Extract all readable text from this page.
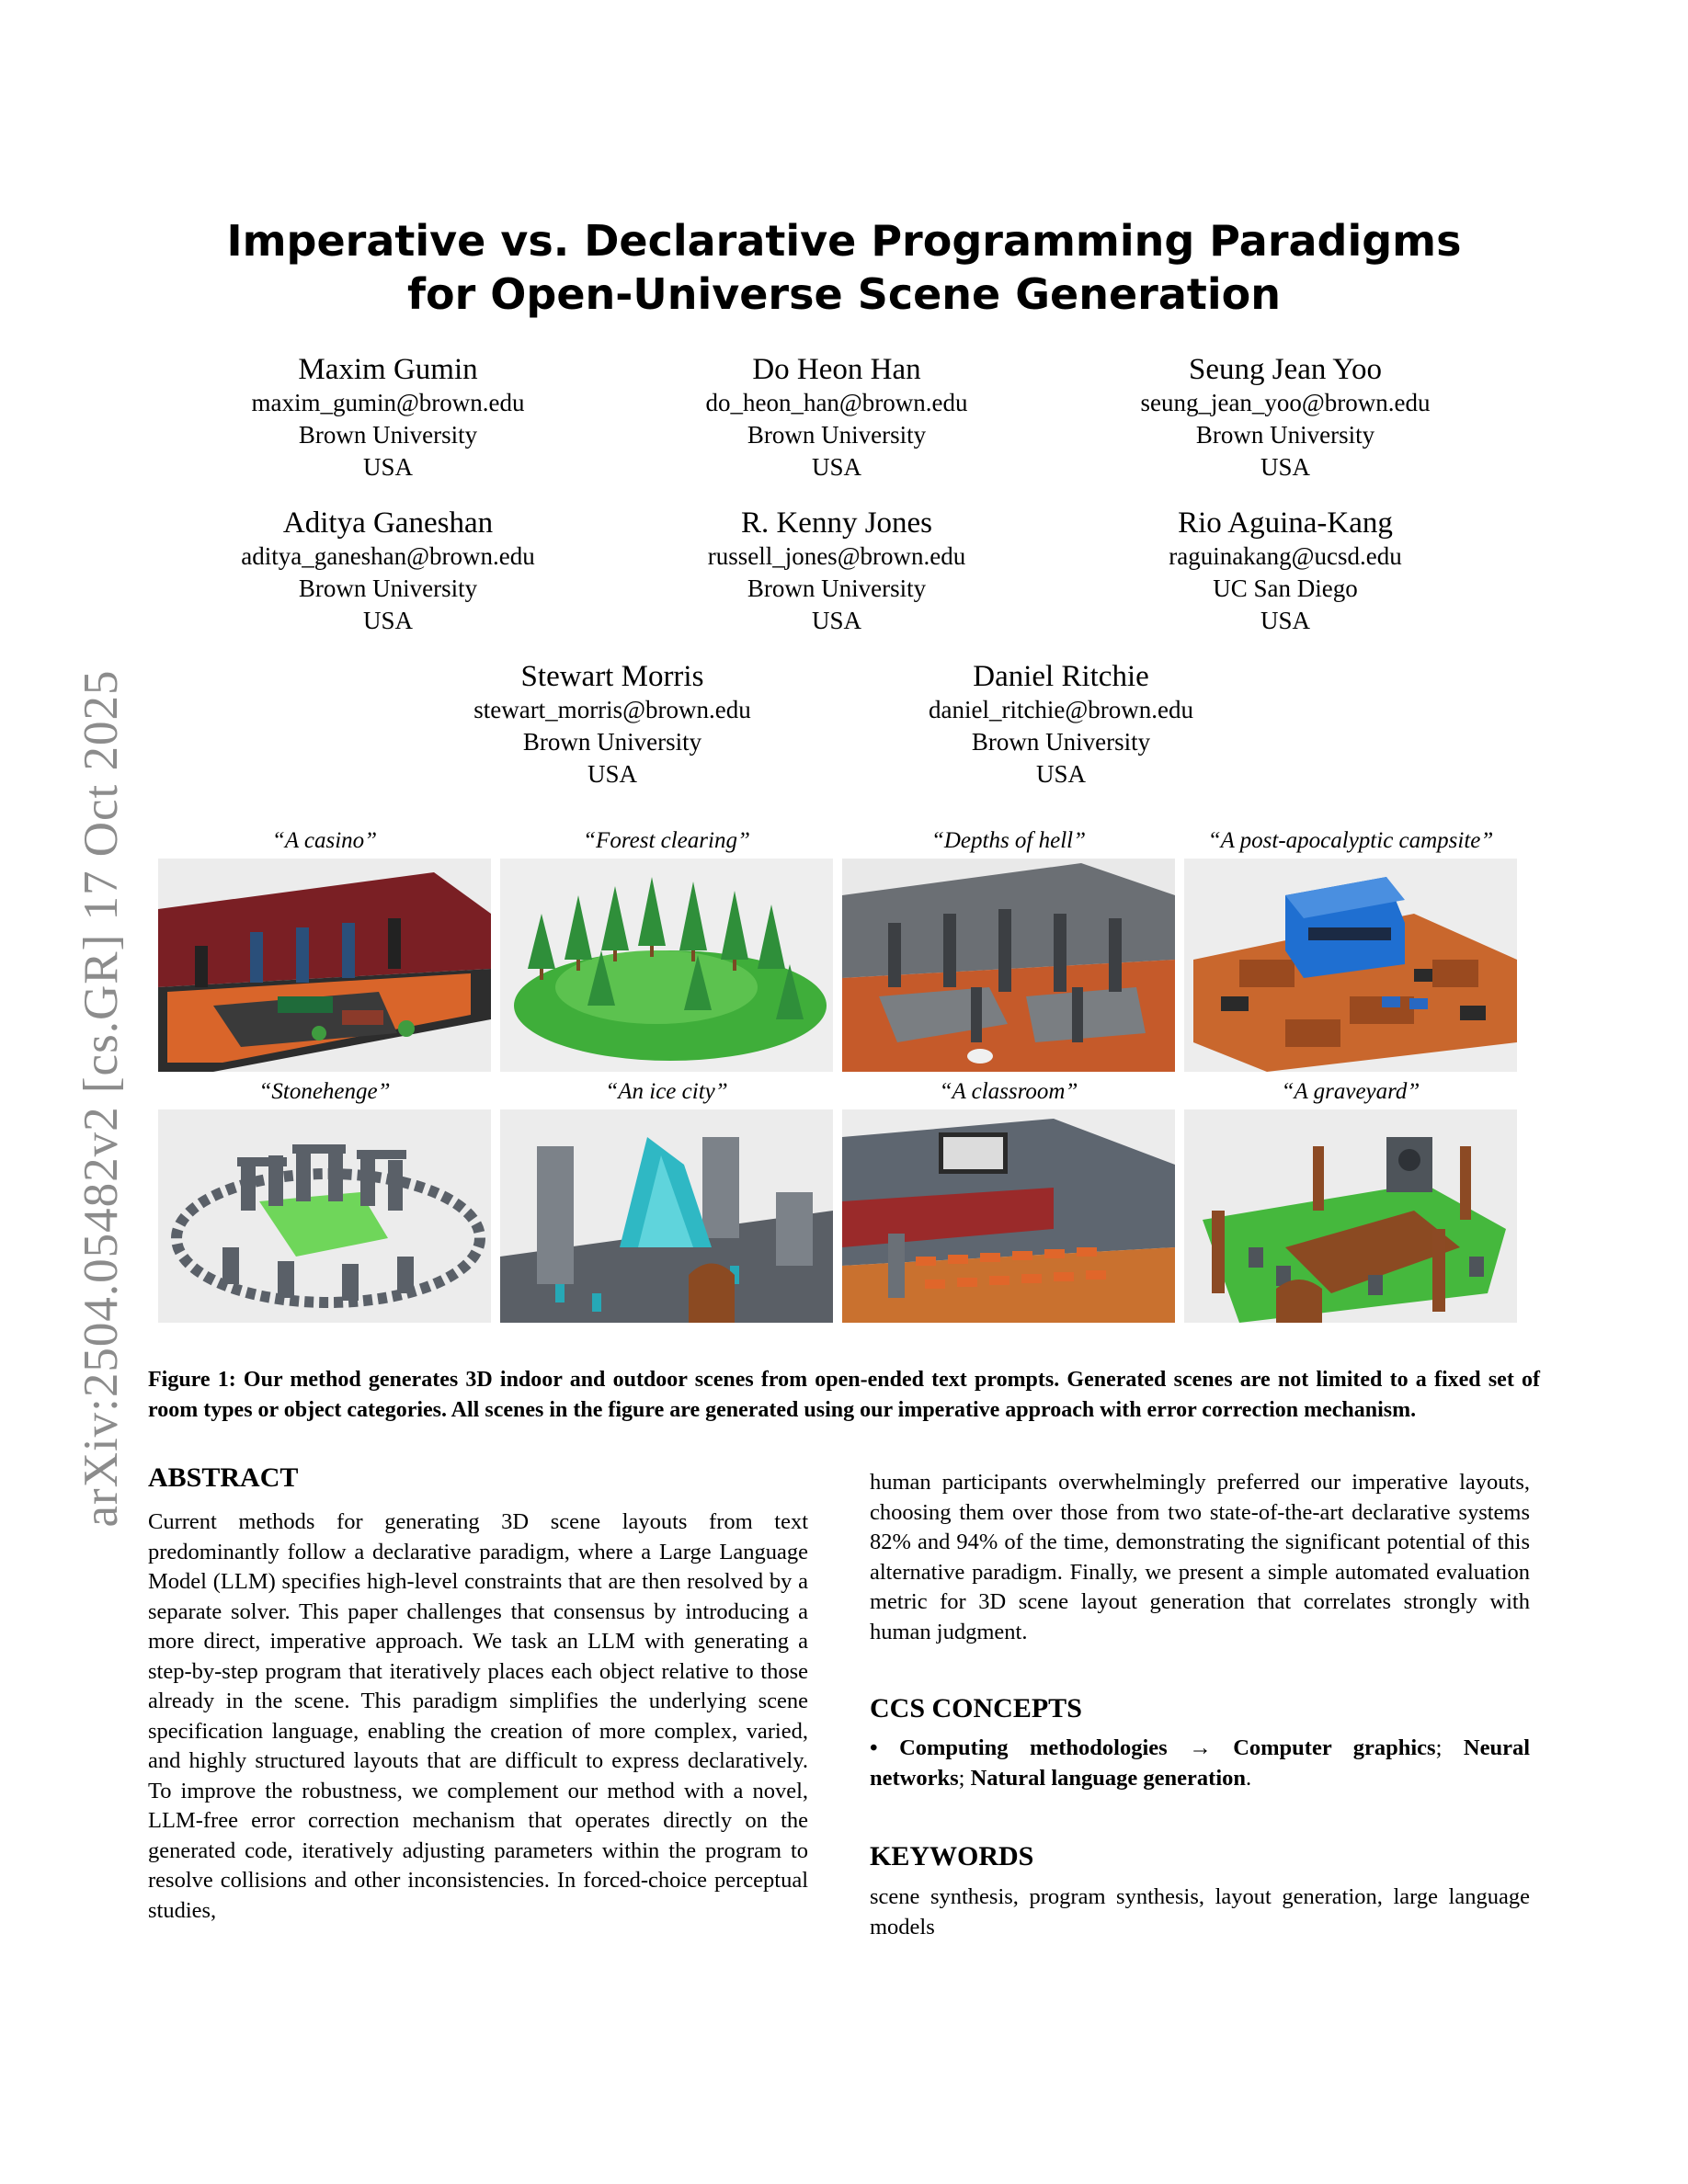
arXiv:2504.05482v2 [cs.GR] 17 Oct 2025
Imperative vs. Declarative Programming Paradigms
for Open-Universe Scene Generation
Maxim Gumin
maxim_gumin@brown.edu
Brown University
USA
Do Heon Han
do_heon_han@brown.edu
Brown University
USA
Seung Jean Yoo
seung_jean_yoo@brown.edu
Brown University
USA
Aditya Ganeshan
aditya_ganeshan@brown.edu
Brown University
USA
R. Kenny Jones
russell_jones@brown.edu
Brown University
USA
Rio Aguina-Kang
raguinakang@ucsd.edu
UC San Diego
USA
Stewart Morris
stewart_morris@brown.edu
Brown University
USA
Daniel Ritchie
daniel_ritchie@brown.edu
Brown University
USA
“A casino”	“Forest clearing”	“Depths of hell”	“A post-apocalyptic campsite”
“Stonehenge”	“An ice city”	“A classroom”	“A graveyard”

Figure 1: Our method generates 3D indoor and outdoor scenes from open-ended text prompts. Generated scenes are not limited to a fixed set of room types or object categories. All scenes in the figure are generated using our imperative approach with error correction mechanism.

ABSTRACT
Current methods for generating 3D scene layouts from text predominantly follow a declarative paradigm, where a Large Language Model (LLM) specifies high-level constraints that are then resolved by a separate solver. This paper challenges that consensus by introducing a more direct, imperative approach. We task an LLM with generating a step-by-step program that iteratively places each object relative to those already in the scene. This paradigm simplifies the underlying scene specification language, enabling the creation of more complex, varied, and highly structured layouts that are difficult to express declaratively. To improve the robustness, we complement our method with a novel, LLM-free error correction mechanism that operates directly on the generated code, iteratively adjusting parameters within the program to resolve collisions and other inconsistencies. In forced-choice perceptual studies,
human participants overwhelmingly preferred our imperative layouts, choosing them over those from two state-of-the-art declarative systems 82% and 94% of the time, demonstrating the significant potential of this alternative paradigm. Finally, we present a simple automated evaluation metric for 3D scene layout generation that correlates strongly with human judgment.
CCS CONCEPTS
• Computing methodologies → Computer graphics; Neural networks; Natural language generation.
KEYWORDS
scene synthesis, program synthesis, layout generation, large language models
